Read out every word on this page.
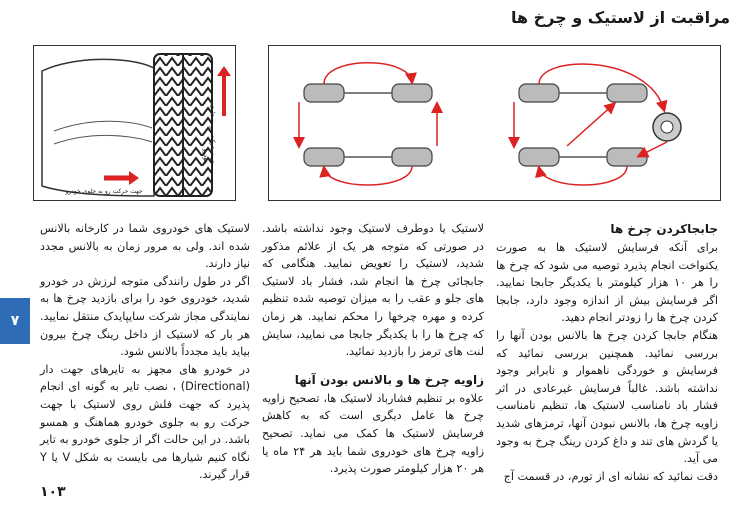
مراقبت از لاستیک و چرخ ها
جهت حرکت رو به جلوی خودرو
جهت حرکت رو به جلوی خودرو
جابجاکردن چرخ ها

برای آنکه فرسایش لاستیک ها به صورت یکنواخت انجام پذیرد توصیه می شود که چرخ ها را هر ۱۰ هزار کیلومتر با یکدیگر جابجا نمایید. اگر فرسایش بیش از اندازه وجود دارد، جابجا کردن چرخ ها را زودتر انجام دهید.

هنگام جابجا کردن چرخ ها بالانس بودن آنها را بررسی نمائید. همچنین بررسی نمائید که فرسایش و خوردگی ناهموار و نابرابر وجود نداشته باشد. غالباً فرسایش غیرعادی در اثر فشار باد نامناسب لاستیک ها، تنظیم نامناسب زاویه چرخ ها، بالانس نبودن آنها، ترمزهای شدید یا گردش های تند و داغ کردن رینگ چرخ به وجود می آید.

دقت نمائید که نشانه ای از تورم، در قسمت آج

لاستیک یا دوطرف لاستیک وجود نداشته باشد. در صورتی که متوجه هر یک از علائم مذکور شدید، لاستیک را تعویض نمایید. هنگامی که جابجائی چرخ ها انجام شد، فشار باد لاستیک های جلو و عقب را به میزان توصیه شده تنظیم کرده و مهره چرخها را محکم نمایید. هر زمان که چرخ ها را با یکدیگر جابجا می نمایید، سایش لنت های ترمز را بازدید نمائید.

زاویه چرخ ها و بالانس بودن آنها

علاوه بر تنظیم فشارباد لاستیک ها، تصحیح زاویه چرخ ها عامل دیگری است که به کاهش فرسایش لاستیک ها کمک می نماید. تصحیح زاویه چرخ های خودروی شما باید هر ۲۴ ماه یا هر ۲۰ هزار کیلومتر صورت پذیرد.

لاستیک های خودروی شما در کارخانه بالانس شده اند. ولی به مرور زمان به بالانس مجدد نیاز دارند.

اگر در طول رانندگی متوجه لرزش در خودرو شدید، خودروی خود را برای بازدید چرخ ها به نمایندگی مجاز شرکت سایپایدک منتقل نمایید. هر بار که لاستیک از داخل رینگ چرخ بیرون بیاید باید مجدداً بالانس شود.

در خودرو های مجهز به تایرهای جهت دار (Directional) ، نصب تایر به گونه ای انجام پذیرد که جهت فلش روی لاستیک با جهت حرکت رو به جلوی خودرو هماهنگ و همسو باشد. در این حالت اگر از جلوی خودرو به تایر نگاه کنیم شیارها می بایست به شکل V یا Y قرار گیرند.

۷
۱۰۳
